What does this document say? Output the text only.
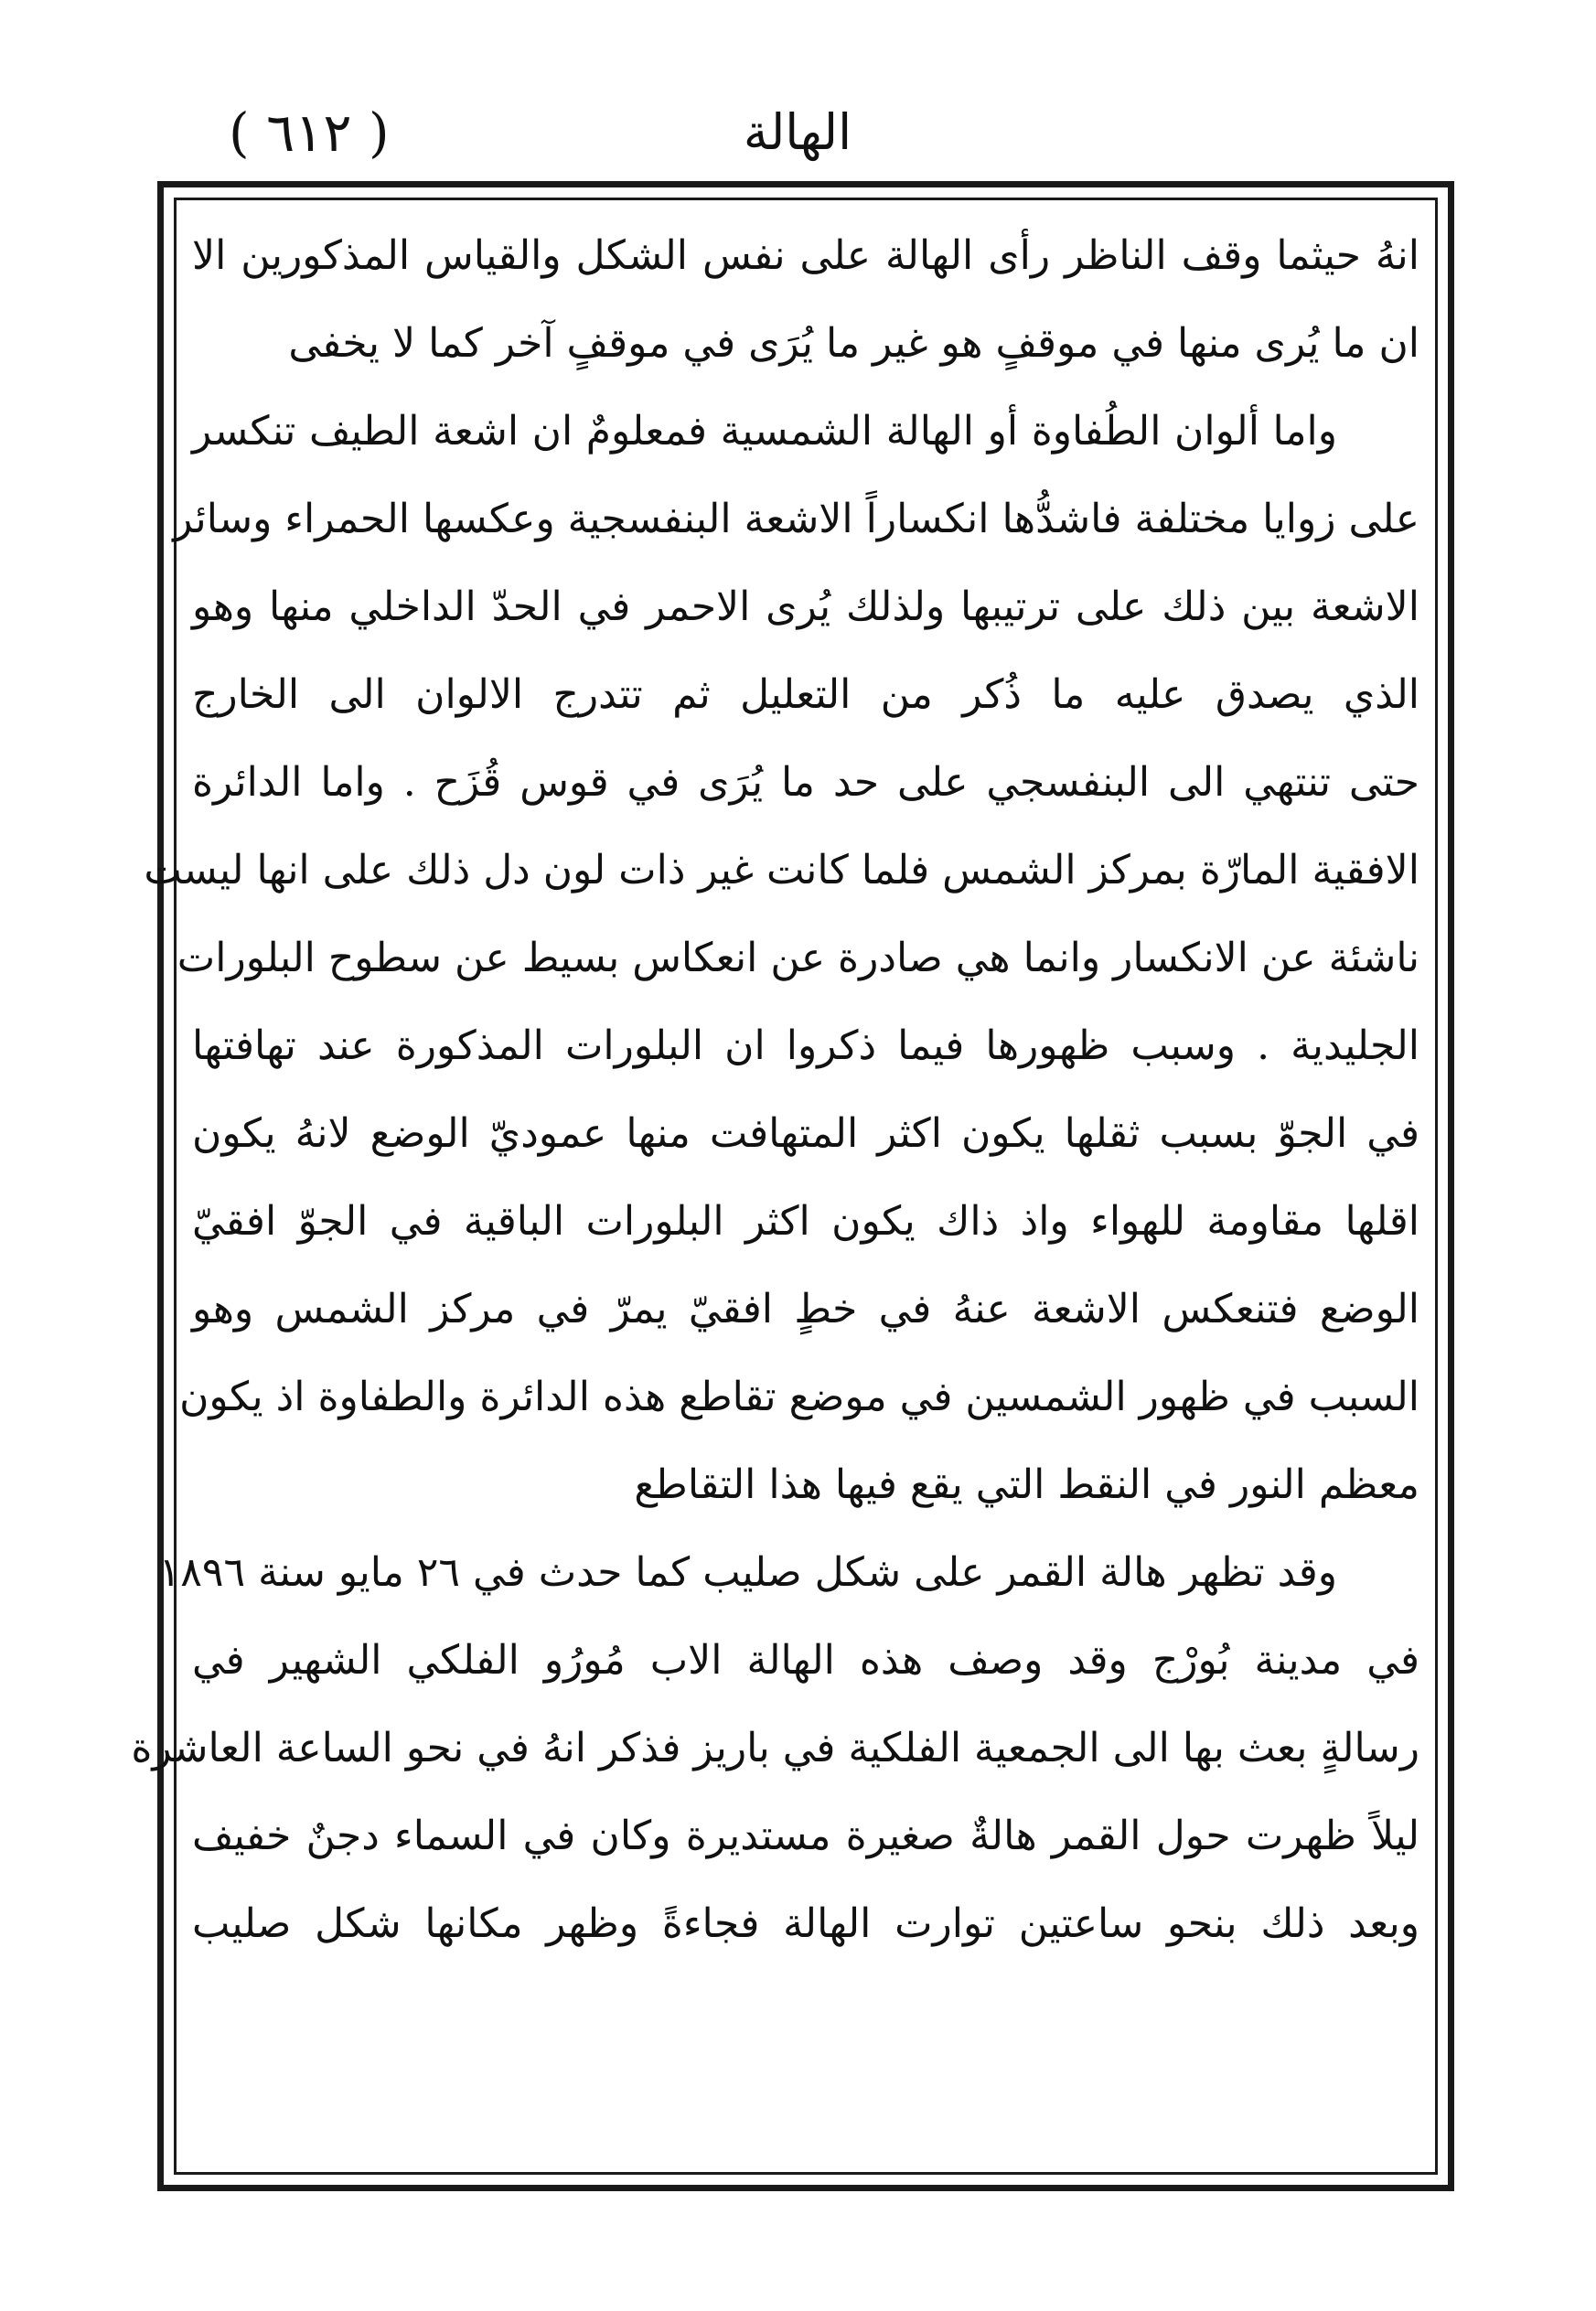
( ٦١٢ )	الهالة
انهُ حيثما وقف الناظر رأى الهالة على نفس الشكل والقياس المذكورين الا
ان ما يُرى منها في موقفٍ هو غير ما يُرَى في موقفٍ آخر كما لا يخفى
واما ألوان الطُفاوة أو الهالة الشمسية فمعلومٌ ان اشعة الطيف تنكسر
على زوايا مختلفة فاشدُّها انكساراً الاشعة البنفسجية وعكسها الحمراء وسائر
الاشعة بين ذلك على ترتيبها ولذلك يُرى الاحمر في الحدّ الداخلي منها وهو
الذي يصدق عليه ما ذُكر من التعليل ثم تتدرج الالوان الى الخارج
حتى تنتهي الى البنفسجي على حد ما يُرَى في قوس قُزَح . واما الدائرة
الافقية المارّة بمركز الشمس فلما كانت غير ذات لون دل ذلك على انها ليست
ناشئة عن الانكسار وانما هي صادرة عن انعكاس بسيط عن سطوح البلورات
الجليدية . وسبب ظهورها فيما ذكروا ان البلورات المذكورة عند تهافتها
في الجوّ بسبب ثقلها يكون اكثر المتهافت منها عموديّ الوضع لانهُ يكون
اقلها مقاومة للهواء واذ ذاك يكون اكثر البلورات الباقية في الجوّ افقيّ
الوضع فتنعكس الاشعة عنهُ في خطٍ افقيّ يمرّ في مركز الشمس وهو
السبب في ظهور الشمسين في موضع تقاطع هذه الدائرة والطفاوة اذ يكون
معظم النور في النقط التي يقع فيها هذا التقاطع
وقد تظهر هالة القمر على شكل صليب كما حدث في ٢٦ مايو سنة ١٨٩٦
في مدينة بُورْج وقد وصف هذه الهالة الاب مُورُو الفلكي الشهير في
رسالةٍ بعث بها الى الجمعية الفلكية في باريز فذكر انهُ في نحو الساعة العاشرة
ليلاً ظهرت حول القمر هالةٌ صغيرة مستديرة وكان في السماء دجنٌ خفيف
وبعد ذلك بنحو ساعتين توارت الهالة فجاءةً وظهر مكانها شكل صليب
